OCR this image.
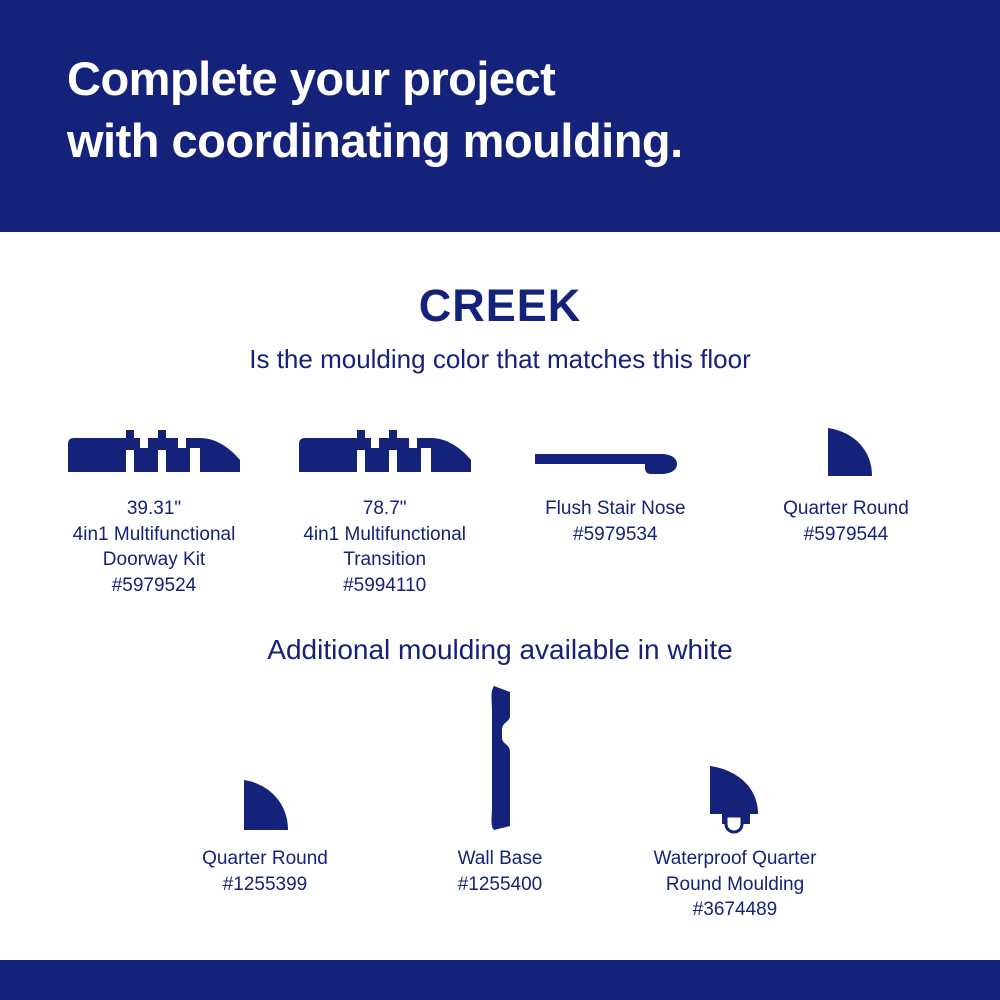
Complete your project
with coordinating moulding.
CREEK
Is the moulding color that matches this floor
39.31"
4in1 Multifunctional
Doorway Kit
#5979524
78.7"
4in1 Multifunctional
Transition
#5994110
Flush Stair Nose
#5979534
Quarter Round
#5979544
Additional moulding available in white
Quarter Round
#1255399
Wall Base
#1255400
Waterproof Quarter
Round Moulding
#3674489
